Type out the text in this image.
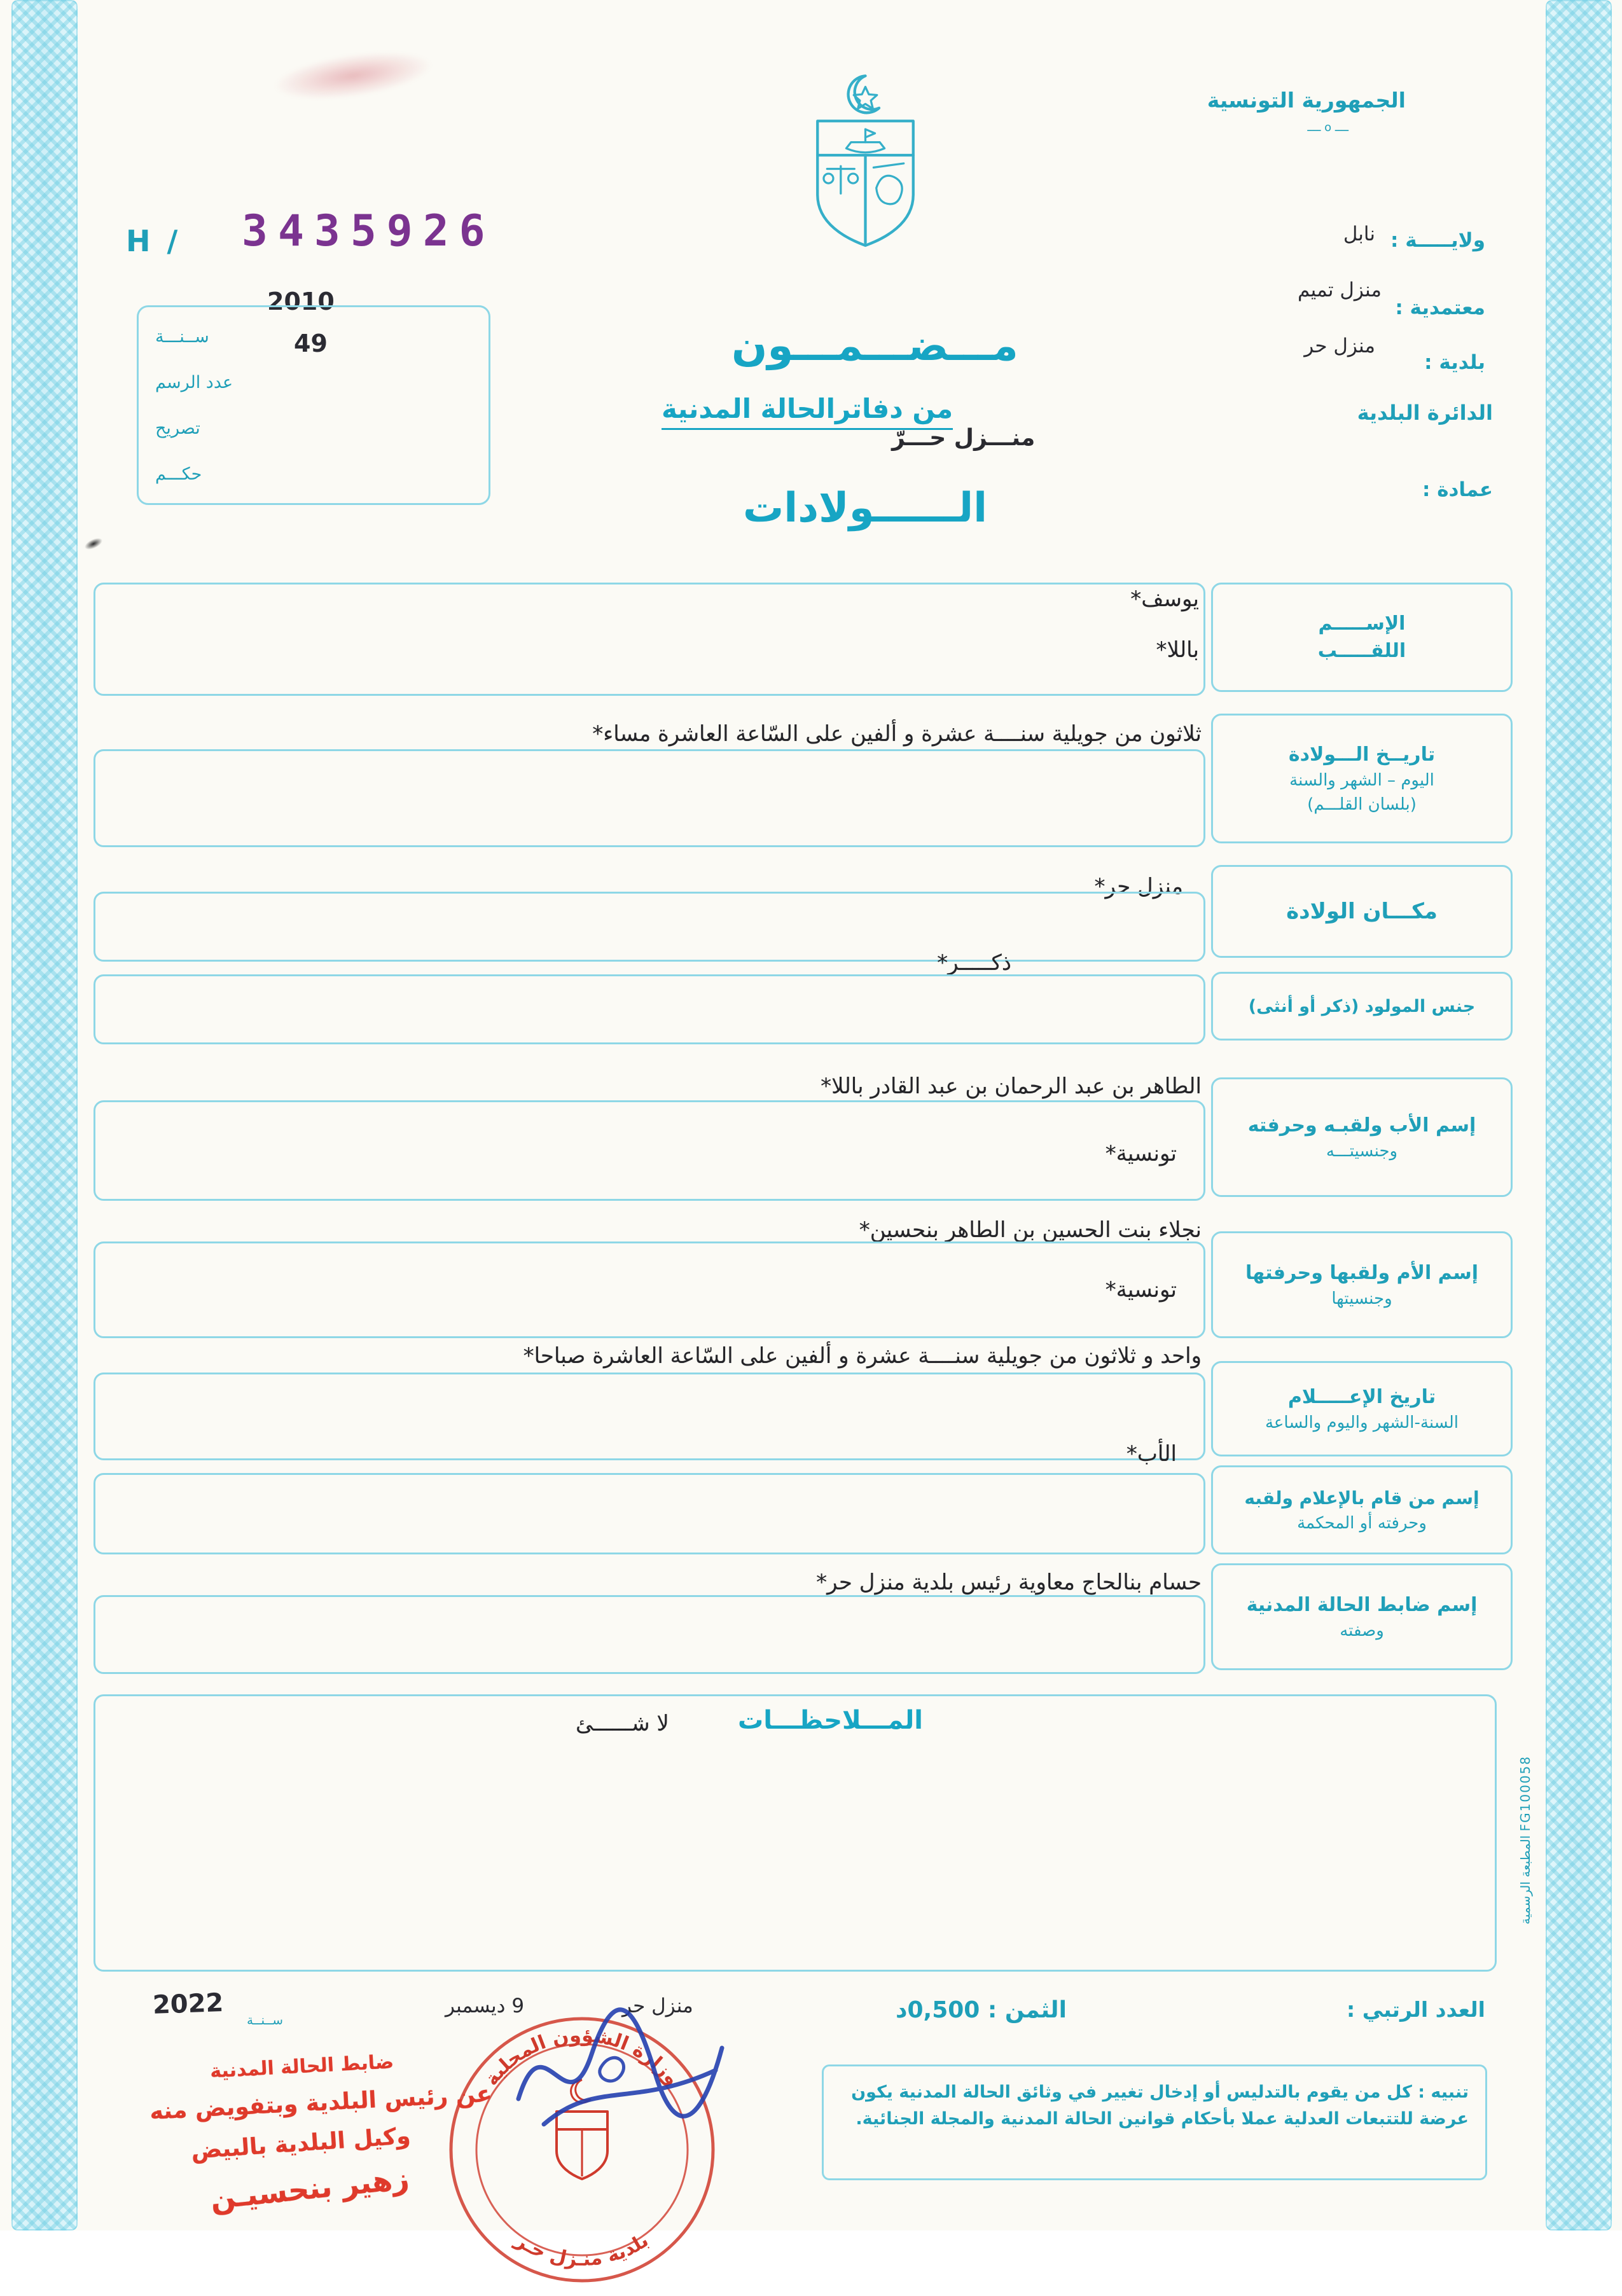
الجمهورية التونسية
ــــ o ــــ
H / 3435926
2010
49
ســنـــة
عدد الرسم
تصريح
حكـــم
ولايـــــة :
نابل
منزل تميم
معتمدية :
منزل حر
بلدية :
الدائرة البلدية
منـــزل حـــرّ
عمادة :
مـــضـــمـــون
من دفاترالحالة المدنية
الــــــولادات
الإســـــم
اللقـــــب
يوسف*
باللا*
ثلاثون من جويلية سنــــة عشرة و ألفين على السّاعة العاشرة مساء*
تاريــخ الـــولادة
اليوم – الشهر والسنة
(بلسان القلـــم)
منزل حر*
مكـــان الولادة
ذكـــــر*
جنس المولود (ذكر أو أنثى)
الطاهر بن عبد الرحمان بن عبد القادر باللا*
تونسية*
إسم الأب ولقبـه وحرفته
وجنسيتـــه
نجلاء بنت الحسين بن الطاهر بنحسين*
تونسية*
إسم الأم ولقبها وحرفتها
وجنسيتها
واحد و ثلاثون من جويلية سنــــة عشرة و ألفين على السّاعة العاشرة صباحا*
تاريخ الإعـــــلام
السنة-الشهر واليوم والساعة
الأب*
إسم من قام بالإعلام ولقبه
وحرفته أو المحكمة
حسام بنالحاج معاوية رئيس بلدية منزل حر*
إسم ضابط الحالة المدنية
وصفته
المـــلاحظـــات
لا شــــــئ
العدد الرتبي :
الثمن : 0,500د
منزل حر
9 ديسمبر
2022
ســنــة
تنبيه : كل من يقوم بالتدليس أو إدخال تغيير في وثائق الحالة المدنية يكون عرضة للتتبعات العدلية عملا بأحكام قوانين الحالة المدنية والمجلة الجنائية.
وزارة الشؤون المحلية
بلدية منـزل حـر
ضابط الحالة المدنية
عن رئيس البلدية وبتفويض منه
وكيل البلدية بالبيض
زهير بنحسيـن
المطبعة الرسمية FG100058
